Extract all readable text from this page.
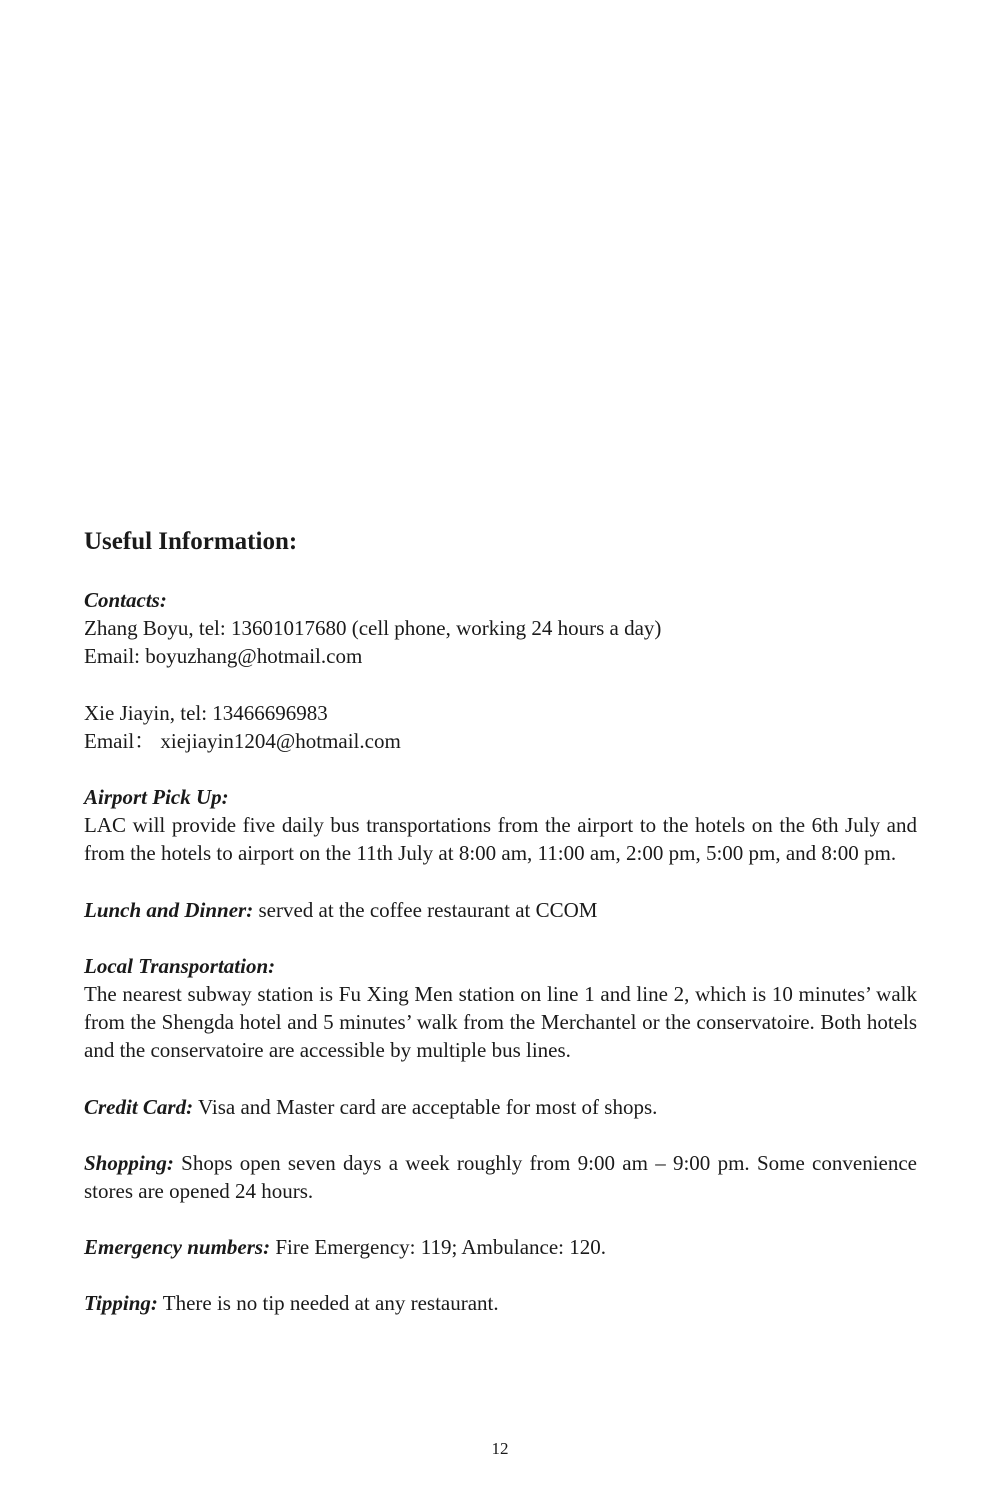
Useful Information:
Contacts:
Zhang Boyu, tel: 13601017680 (cell phone, working 24 hours a day)
Email: boyuzhang@hotmail.com
Xie Jiayin, tel: 13466696983
Email： xiejiayin1204@hotmail.com
Airport Pick Up:
LAC will provide five daily bus transportations from the airport to the hotels on the 6th July and from the hotels to airport on the 11th July at 8:00 am, 11:00 am, 2:00 pm, 5:00 pm, and 8:00 pm.
Lunch and Dinner: served at the coffee restaurant at CCOM
Local Transportation:
The nearest subway station is Fu Xing Men station on line 1 and line 2, which is 10 minutes’ walk from the Shengda hotel and 5 minutes’ walk from the Merchantel or the conservatoire. Both hotels and the conservatoire are accessible by multiple bus lines.
Credit Card: Visa and Master card are acceptable for most of shops.
Shopping: Shops open seven days a week roughly from 9:00 am – 9:00 pm. Some convenience stores are opened 24 hours.
Emergency numbers: Fire Emergency: 119; Ambulance: 120.
Tipping: There is no tip needed at any restaurant.
12
